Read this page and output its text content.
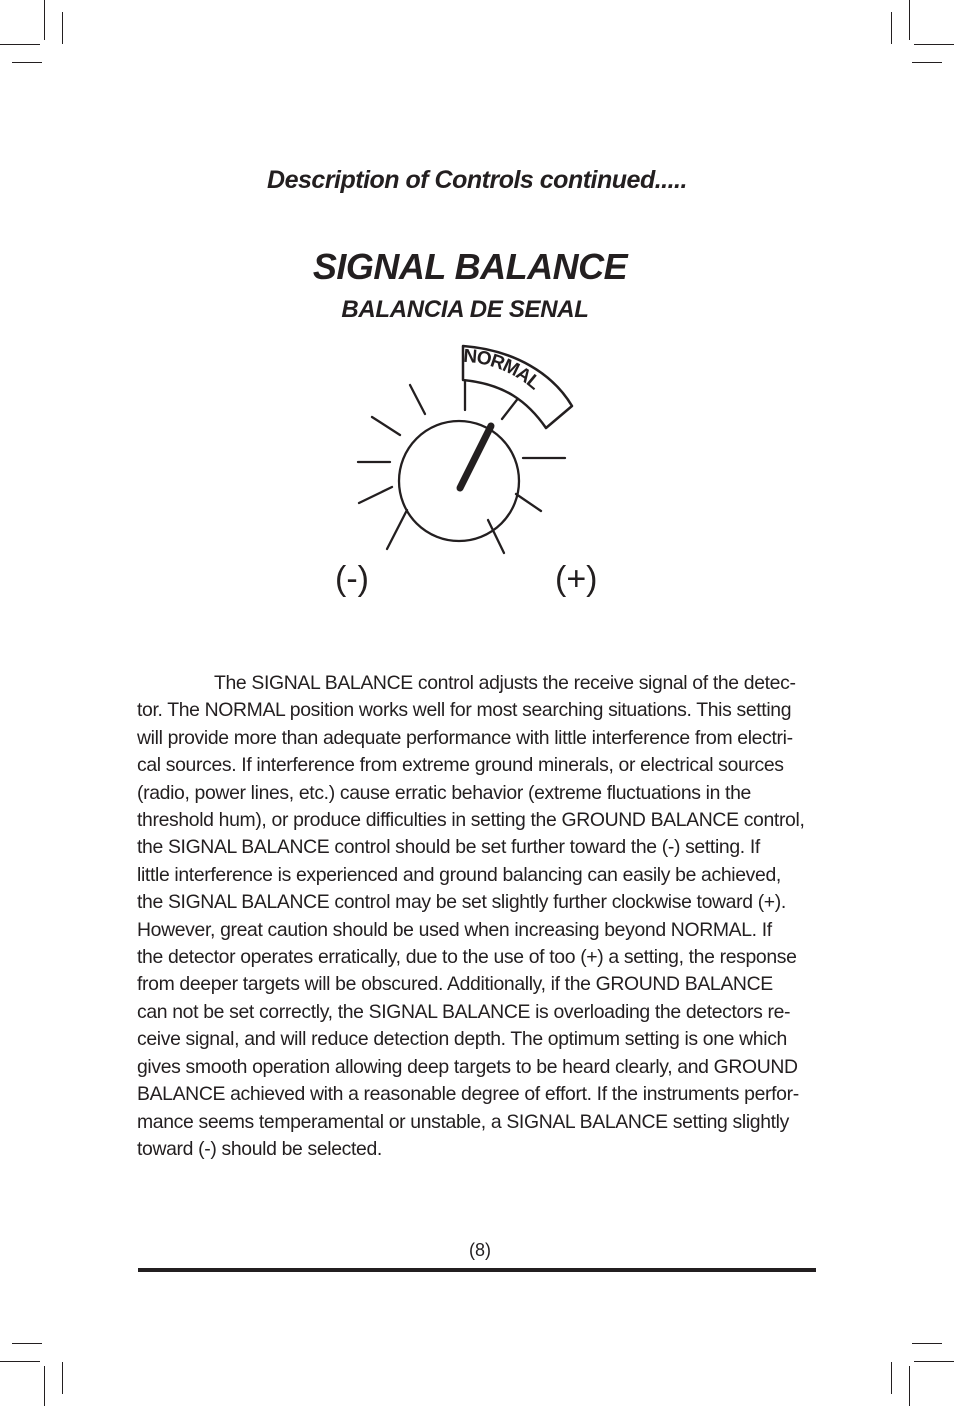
Description of Controls continued.....
SIGNAL BALANCE
BALANCIA DE SENAL
NORMAL
(-)	(+)
The SIGNAL BALANCE control adjusts the receive signal of the detec-
tor. The NORMAL position works well for most searching situations. This setting
will provide more than adequate performance with little interference from electri-
cal sources. If interference from extreme ground minerals, or electrical sources
(radio, power lines, etc.) cause erratic behavior (extreme fluctuations in the
threshold hum), or produce difficulties in setting the GROUND BALANCE control,
the SIGNAL BALANCE control should be set further toward the (-) setting. If
little interference is experienced and ground balancing can easily be achieved,
the SIGNAL BALANCE control may be set slightly further clockwise toward (+).
However, great caution should be used when increasing beyond NORMAL. If
the detector operates erratically, due to the use of too (+) a setting, the response
from deeper targets will be obscured. Additionally, if the GROUND BALANCE
can not be set correctly, the SIGNAL BALANCE is overloading the detectors re-
ceive signal, and will reduce detection depth. The optimum setting is one which
gives smooth operation allowing deep targets to be heard clearly, and GROUND
BALANCE achieved with a reasonable degree of effort. If the instruments perfor-
mance seems temperamental or unstable, a SIGNAL BALANCE setting slightly
toward (-) should be selected.
(8)
